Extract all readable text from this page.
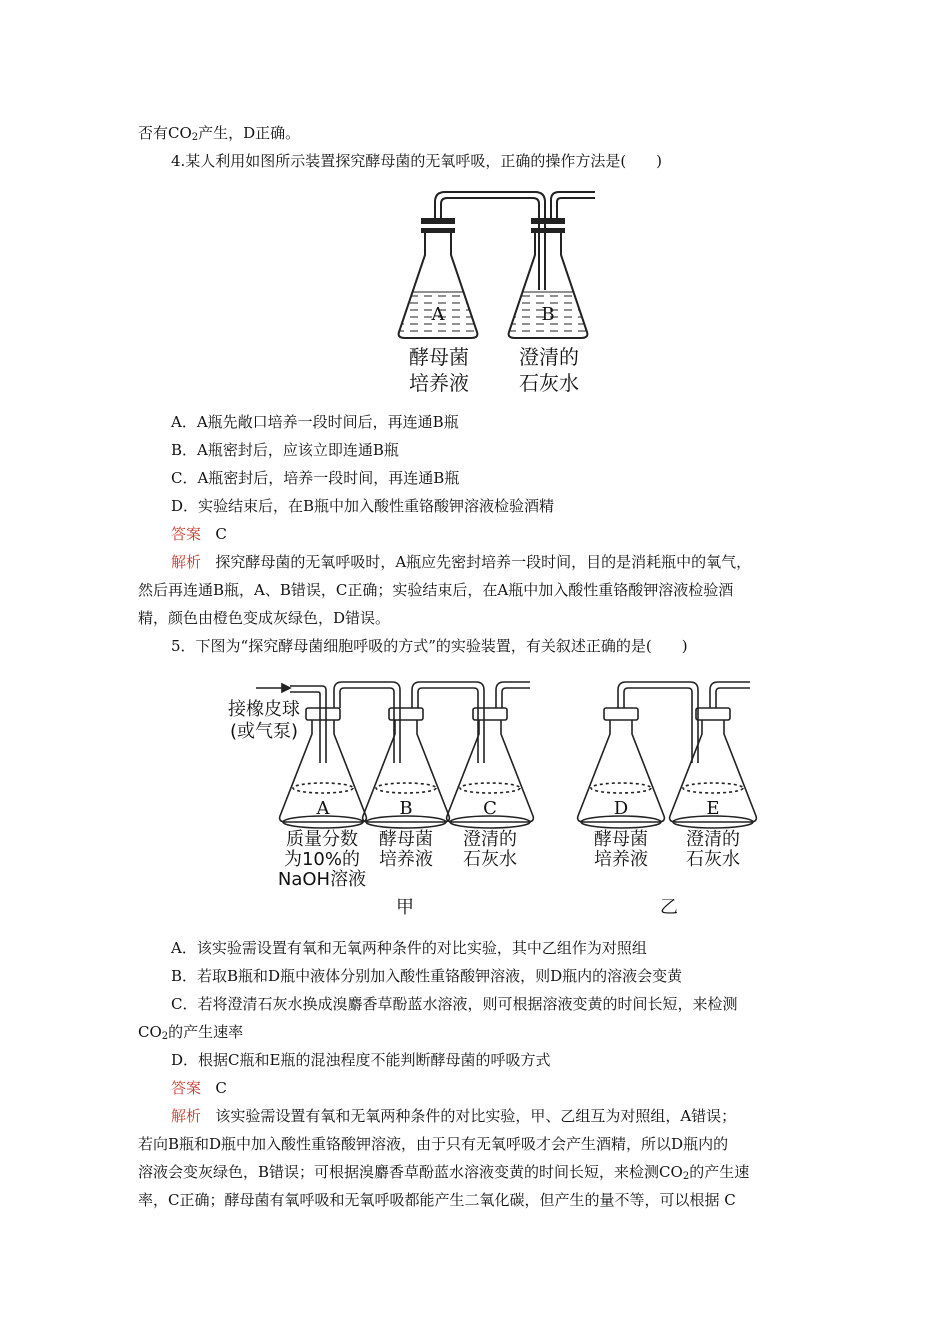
否有$CO_2$产生，D正确。
4.某人利用如图所示装置探究酵母菌的无氧呼吸，正确的操作方法是(　　)
A	B
酵母菌
培养液
澄清的
石灰水
A．A瓶先敞口培养一段时间后，再连通B瓶
B．A瓶密封后，应该立即连通B瓶
C．A瓶密封后，培养一段时间，再连通B瓶
D．实验结束后，在B瓶中加入酸性重铬酸钾溶液检验酒精
答案 C
解析 探究酵母菌的无氧呼吸时，A瓶应先密封培养一段时间，目的是消耗瓶中的氧气，
然后再连通B瓶，A、B错误，C正确；实验结束后，在A瓶中加入酸性重铬酸钾溶液检验酒
精，颜色由橙色变成灰绿色，D错误。
5．下图为“探究酵母菌细胞呼吸的方式”的实验装置，有关叙述正确的是(　　)
接橡皮球
(或气泵)
A	B	C	D	E
质量分数
为10%的
NaOH溶液
酵母菌
培养液
澄清的
石灰水
酵母菌
培养液
澄清的
石灰水
甲	乙
A．该实验需设置有氧和无氧两种条件的对比实验，其中乙组作为对照组
B．若取B瓶和D瓶中液体分别加入酸性重铬酸钾溶液，则D瓶内的溶液会变黄
C．若将澄清石灰水换成溴麝香草酚蓝水溶液，则可根据溶液变黄的时间长短，来检测
$CO_2$的产生速率
D．根据C瓶和E瓶的混浊程度不能判断酵母菌的呼吸方式
答案 C
解析 该实验需设置有氧和无氧两种条件的对比实验，甲、乙组互为对照组，A错误；
若向B瓶和D瓶中加入酸性重铬酸钾溶液，由于只有无氧呼吸才会产生酒精，所以D瓶内的
溶液会变灰绿色，B错误；可根据溴麝香草酚蓝水溶液变黄的时间长短，来检测$CO_2$的产生速
率，C正确；酵母菌有氧呼吸和无氧呼吸都能产生二氧化碳，但产生的量不等，可以根据 C
